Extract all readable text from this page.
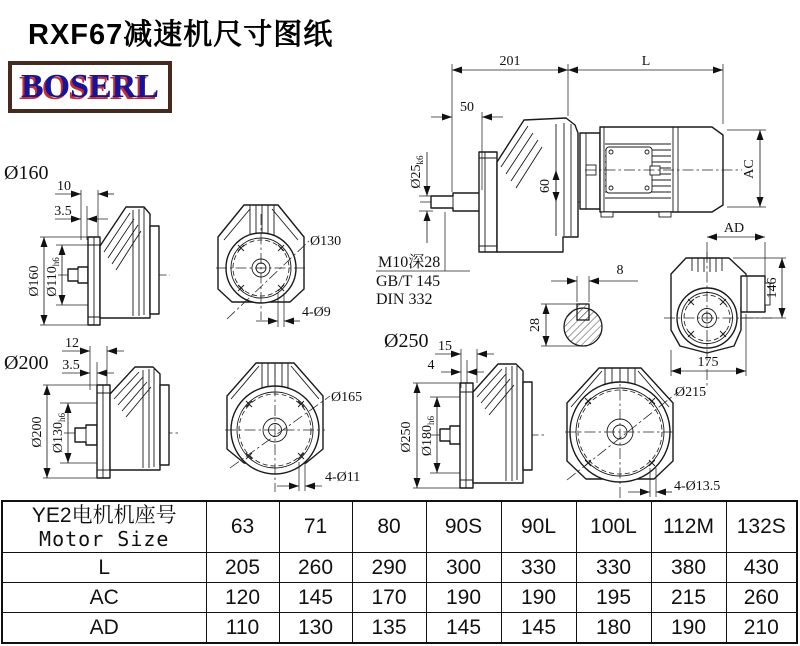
RXF67减速机尺寸图纸
BOSERL
201	L
50
$Ø25_{k6}$
60
AC
M10深28
GB/T 145
DIN 332
AD
146
175
8
28
Ø160
10
3.5
Ø160 $Ø110_{h6}$
Ø130
4-Ø9
Ø200
12
3.5
Ø200 $Ø130_{h6}$
Ø165
4-Ø11
Ø250 15
4
Ø250 $Ø180_{h6}$
Ø215
4-Ø13.5
YE2电机机座号
Motor Size	63	71	80	90S	90L	100L	112M	132S
L	205	260	290	300	330	330	380	430
AC	120	145	170	190	190	195	215	260
AD	110	130	135	145	145	180	190	210
